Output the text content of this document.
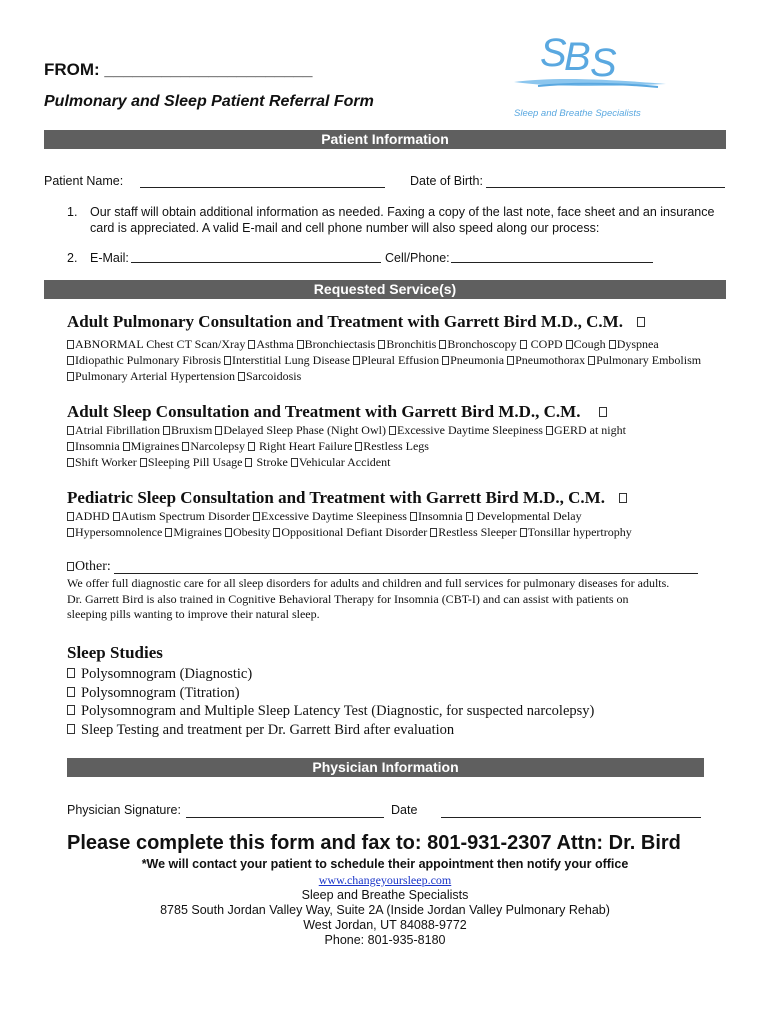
FROM: ______________________
Pulmonary and Sleep Patient Referral Form
S
B S
Sleep and Breathe Specialists
Patient Information
Patient Name:	Date of Birth:
1. Our staff will obtain additional information as needed. Faxing a copy of the last note, face sheet and an insurance
card is appreciated. A valid E-mail and cell phone number will also speed along our process:
2. E-Mail:	Cell/Phone:
Requested Service(s)
Adult Pulmonary Consultation and Treatment with Garrett Bird M.D., C.M.
ABNORMAL Chest CT Scan/Xray Asthma Bronchiectasis Bronchitis Bronchoscopy  COPD Cough Dyspnea
Idiopathic Pulmonary Fibrosis Interstitial Lung Disease Pleural Effusion Pneumonia Pneumothorax Pulmonary Embolism Pulmonary Arterial Hypertension Sarcoidosis
Adult Sleep Consultation and Treatment with Garrett Bird M.D., C.M.
Atrial Fibrillation Bruxism Delayed Sleep Phase (Night Owl) Excessive Daytime Sleepiness GERD at night
Insomnia Migraines Narcolepsy  Right Heart Failure Restless Legs
Shift Worker Sleeping Pill Usage  Stroke Vehicular Accident
Pediatric Sleep Consultation and Treatment with Garrett Bird M.D., C.M.
ADHD Autism Spectrum Disorder Excessive Daytime Sleepiness Insomnia  Developmental Delay
Hypersomnolence Migraines Obesity Oppositional Defiant Disorder Restless Sleeper Tonsillar hypertrophy
Other:
We offer full diagnostic care for all sleep disorders for adults and children and full services for pulmonary diseases for adults.
Dr. Garrett Bird is also trained in Cognitive Behavioral Therapy for Insomnia (CBT-I) and can assist with patients on
sleeping pills wanting to improve their natural sleep.
Sleep Studies
Polysomnogram (Diagnostic)
Polysomnogram (Titration)
Polysomnogram and Multiple Sleep Latency Test (Diagnostic, for suspected narcolepsy)
Sleep Testing and treatment per Dr. Garrett Bird after evaluation
Physician Information
Physician Signature:	Date
Please complete this form and fax to: 801-931-2307 Attn: Dr. Bird
*We will contact your patient to schedule their appointment then notify your office
www.changeyoursleep.com
Sleep and Breathe Specialists
8785 South Jordan Valley Way, Suite 2A (Inside Jordan Valley Pulmonary Rehab)
West Jordan, UT 84088-9772
Phone: 801-935-8180
